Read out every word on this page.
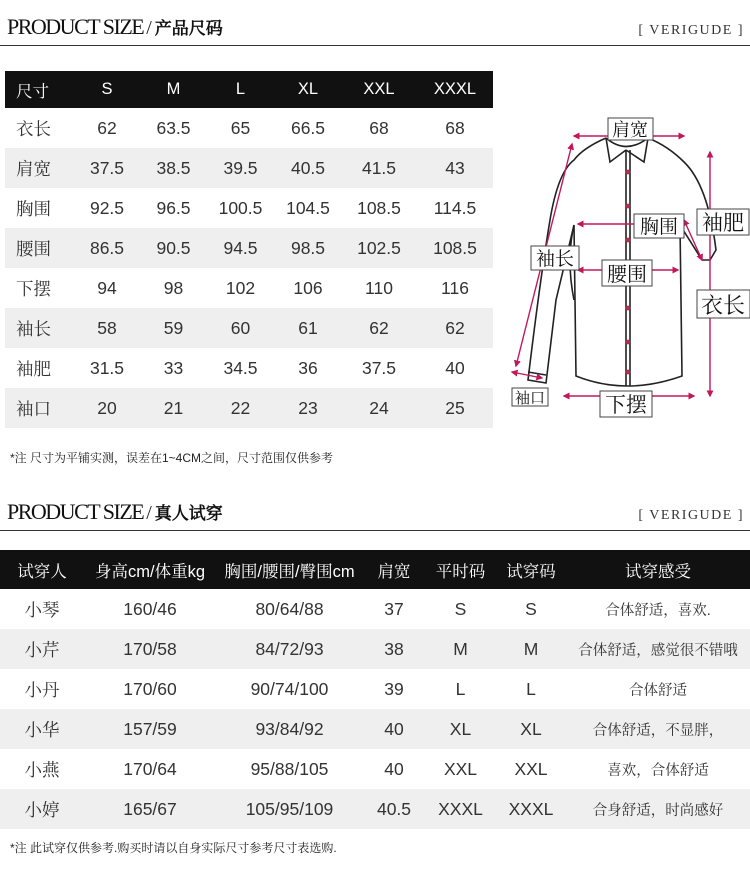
PRODUCT SIZE / 产品尺码	[ VERIGUDE ]
尺寸	S	M	L	XL	XXL	XXXL
衣长	62	63.5	65	66.5	68	68
肩宽	37.5	38.5	39.5	40.5	41.5	43
胸围	92.5	96.5	100.5	104.5	108.5	114.5
腰围	86.5	90.5	94.5	98.5	102.5	108.5
下摆	94	98	102	106	110	116
袖长	58	59	60	61	62	62
袖肥	31.5	33	34.5	36	37.5	40
袖口	20	21	22	23	24	25
*注 尺寸为平铺实测，误差在1~4CM之间，尺寸范围仅供参考
肩宽
胸围 袖肥
袖长
腰围
衣长
袖口	下摆
PRODUCT SIZE / 真人试穿	[ VERIGUDE ]
试穿人	身高cm/体重kg	胸围/腰围/臀围cm	肩宽	平时码	试穿码	试穿感受
小琴	160/46	80/64/88	37	S	S	合体舒适，喜欢.
小芹	170/58	84/72/93	38	M	M	合体舒适，感觉很不错哦
小丹	170/60	90/74/100	39	L	L	合体舒适
小华	157/59	93/84/92	40	XL	XL	合体舒适，不显胖，
小燕	170/64	95/88/105	40	XXL	XXL	喜欢，合体舒适
小婷	165/67	105/95/109	40.5	XXXL	XXXL	合身舒适，时尚感好
*注 此试穿仅供参考.购买时请以自身实际尺寸参考尺寸表选购.
